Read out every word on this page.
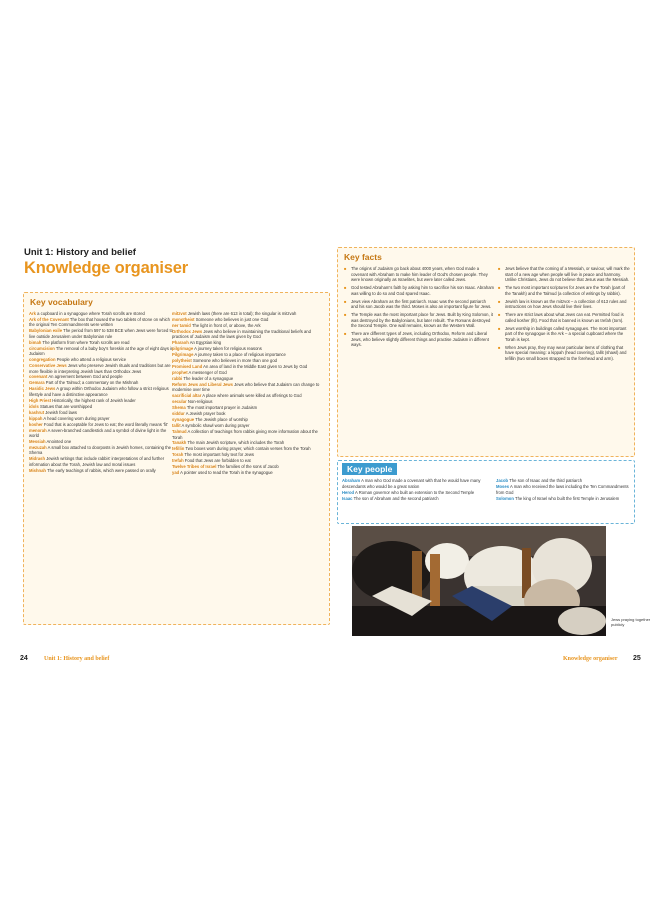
Unit 1: History and belief
Knowledge organiser
Key vocabulary
Ark a cupboard in a synagogue where Torah scrolls are stored
Ark of the Covenant The box that housed the two tablets of stone on which the original Ten Commandments were written
Babylonian exile The period from 597 to 538 BCE when Jews were forced to live outside Jerusalem under Babylonian rule
bimah The platform from where Torah scrolls are read
circumcision The removal of a baby boy's foreskin at the age of eight days in Judaism
congregation People who attend a religious service
Conservative Jews Jews who preserve Jewish rituals and traditions but are more flexible in interpreting Jewish laws than Orthodox Jews
covenant An agreement between God and people
Gemara Part of the Talmud; a commentary on the Mishnah
Hasidic Jews A group within Orthodox Judaism who follow a strict religious lifestyle and have a distinctive appearance
High Priest Historically, the highest rank of Jewish leader
idols Statues that are worshipped
kashrut Jewish food laws
kippah A head covering worn during prayer
kosher Food that is acceptable for Jews to eat; the word literally means 'fit'
menorah A seven-branched candlestick and a symbol of divine light in the world
Messiah Anointed one
mezuzah A small box attached to doorposts in Jewish homes, containing the Shema
Midrash Jewish writings that include rabbis' interpretations of and further information about the Torah, Jewish law and moral issues
Mishnah The early teachings of rabbis, which were passed on orally
mitzvot Jewish laws (there are 613 in total); the singular is mitzvah
monotheist Someone who believes in just one God
ner tamid The light in front of, or above, the Ark
Orthodox Jews Jews who believe in maintaining the traditional beliefs and practices of Judaism and the laws given by God
Pharaoh An Egyptian king
pilgrimage A journey taken for religious reasons
Pilgrimage A journey taken to a place of religious importance
polytheist Someone who believes in more than one god
Promised Land An area of land in the Middle East given to Jews by God
prophet A messenger of God
rabbi The leader of a synagogue
Reform Jews and Liberal Jews Jews who believe that Judaism can change to modernise over time
sacrificial altar A place where animals were killed as offerings to God
secular Non-religious
Shema The most important prayer in Judaism
siddur A Jewish prayer book
synagogue The Jewish place of worship
tallit A symbolic shawl worn during prayer
Talmud A collection of teachings from rabbis giving more information about the Torah
Tanakh The main Jewish scripture, which includes the Torah
tefillin Two boxes worn during prayer, which contain verses from the Torah
Torah The most important holy text for Jews
trefah Food that Jews are forbidden to eat
Twelve Tribes of Israel The families of the sons of Jacob
yad A pointer used to read the Torah in the synagogue
Key facts
■ The origins of Judaism go back about 4000 years, when God made a covenant with Abraham to make him leader of God's chosen people. They were known originally as Israelites, but were later called Jews.
■ God tested Abraham's faith by asking him to sacrifice his son Isaac. Abraham was willing to do so and God spared Isaac.
■ Jews view Abraham as the first patriarch. Isaac was the second patriarch and his son Jacob was the third. Moses is also an important figure for Jews.
■ The Temple was the most important place for Jews. Built by King Solomon, it was destroyed by the Babylonians, but later rebuilt. The Romans destroyed the Second Temple. One wall remains, known as the Western Wall.
■ There are different types of Jews, including Orthodox, Reform and Liberal Jews, who believe slightly different things and practise Judaism in different ways.
■ Jews believe that the coming of a Messiah, or saviour, will mark the start of a new age when people will live in peace and harmony. Unlike Christians, Jews do not believe that Jesus was the Messiah.
■ The two most important scriptures for Jews are the Torah (part of the Tanakh) and the Talmud (a collection of writings by rabbis).
■ Jewish law is known as the mitzvot – a collection of 613 rules and instructions on how Jews should live their lives.
■ There are strict laws about what Jews can eat. Permitted food is called kosher (fit). Food that is banned is known as trefah (torn).
■ Jews worship in buildings called synagogues. The most important part of the synagogue is the Ark – a special cupboard where the Torah is kept.
■ When Jews pray, they may wear particular items of clothing that have special meaning: a kippah (head covering), tallit (shawl) and tefillin (two small boxes strapped to the forehead and arm).
Key people
Abraham A man who God made a covenant with that he would have many descendants who would be a great nation
Herod A Roman governor who built an extension to the Second Temple
Isaac The son of Abraham and the second patriarch
Jacob The son of Isaac and the third patriarch
Moses A man who received the laws including the Ten Commandments from God
Solomon The king of Israel who built the first Temple in Jerusalem
Jews praying together publicly
24	Unit 1: History and belief	Knowledge organiser 25
